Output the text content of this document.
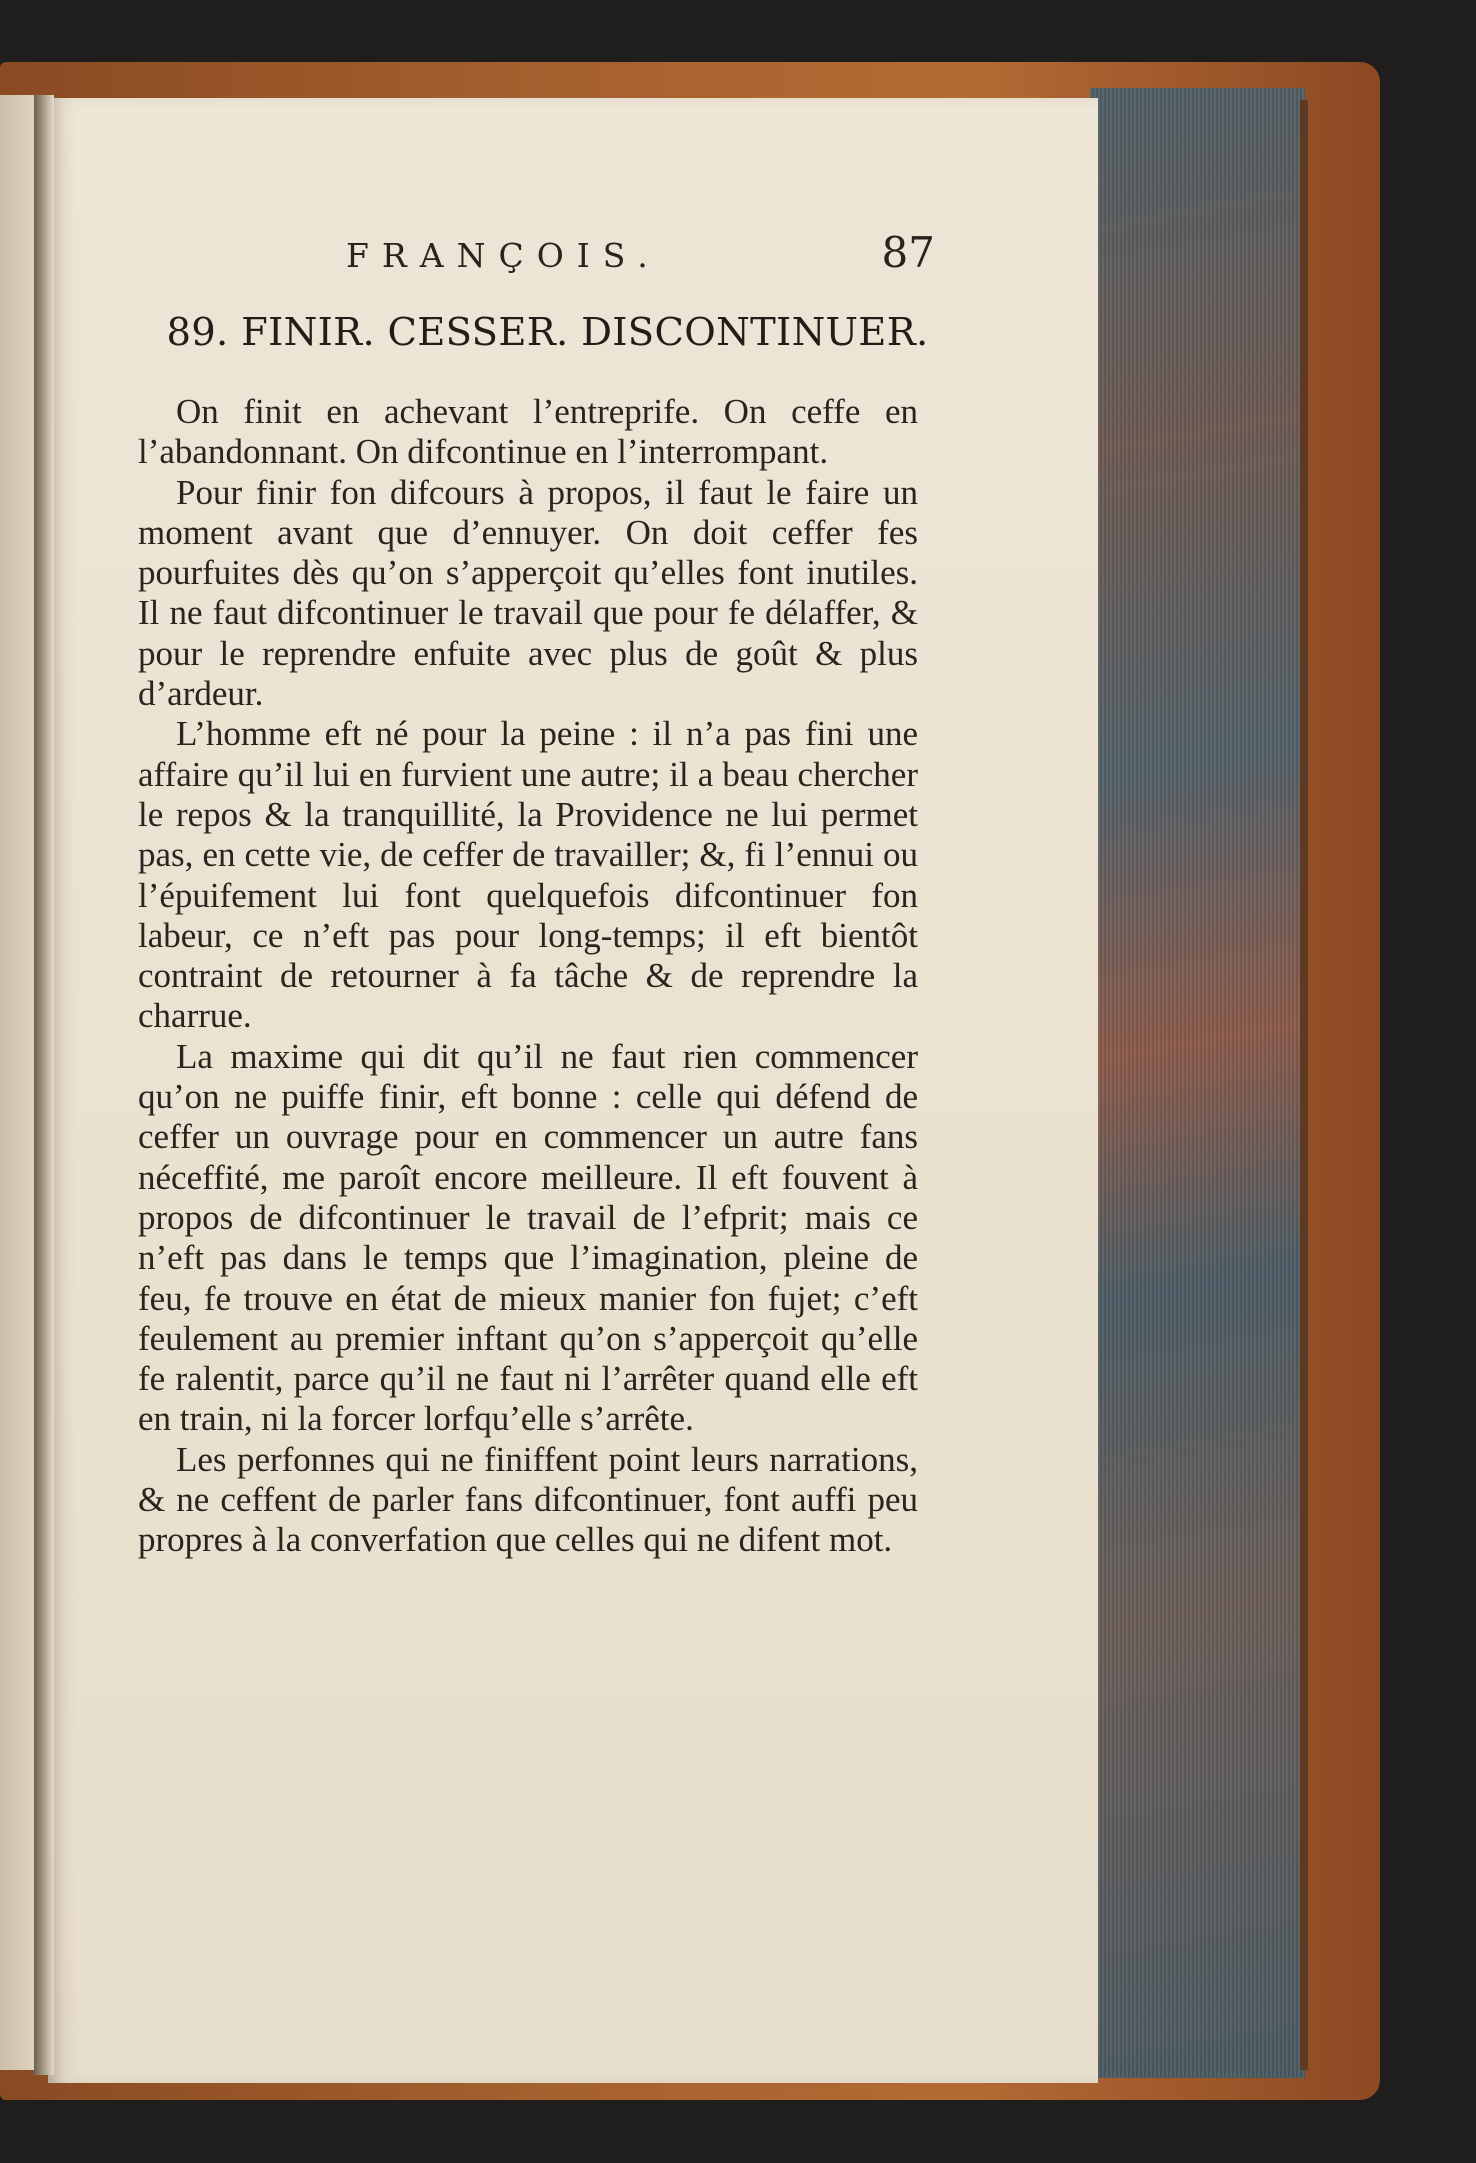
FRANÇOIS.	87
89. FINIR. CESSER. DISCONTINUER.

On finit en achevant l’entreprife. On ceffe en l’abandonnant. On difcontinue en l’interrompant.

Pour finir fon difcours à propos, il faut le faire un moment avant que d’ennuyer. On doit ceffer fes pourfuites dès qu’on s’apperçoit qu’elles font inutiles. Il ne faut difcontinuer le travail que pour fe délaffer, & pour le reprendre enfuite avec plus de goût & plus d’ardeur.

L’homme eft né pour la peine : il n’a pas fini une affaire qu’il lui en furvient une autre; il a beau chercher le repos & la tranquillité, la Providence ne lui permet pas, en cette vie, de ceffer de travailler; &, fi l’ennui ou l’épuifement lui font quelquefois difcontinuer fon labeur, ce n’eft pas pour long-temps; il eft bientôt contraint de retourner à fa tâche & de reprendre la charrue.

La maxime qui dit qu’il ne faut rien commencer qu’on ne puiffe finir, eft bonne : celle qui défend de ceffer un ouvrage pour en commencer un autre fans néceffité, me paroît encore meilleure. Il eft fouvent à propos de difcontinuer le travail de l’efprit; mais ce n’eft pas dans le temps que l’imagination, pleine de feu, fe trouve en état de mieux manier fon fujet; c’eft feulement au premier inftant qu’on s’apperçoit qu’elle fe ralentit, parce qu’il ne faut ni l’arrêter quand elle eft en train, ni la forcer lorfqu’elle s’arrête.

Les perfonnes qui ne finiffent point leurs narrations, & ne ceffent de parler fans difcontinuer, font auffi peu propres à la converfation que celles qui ne difent mot.
